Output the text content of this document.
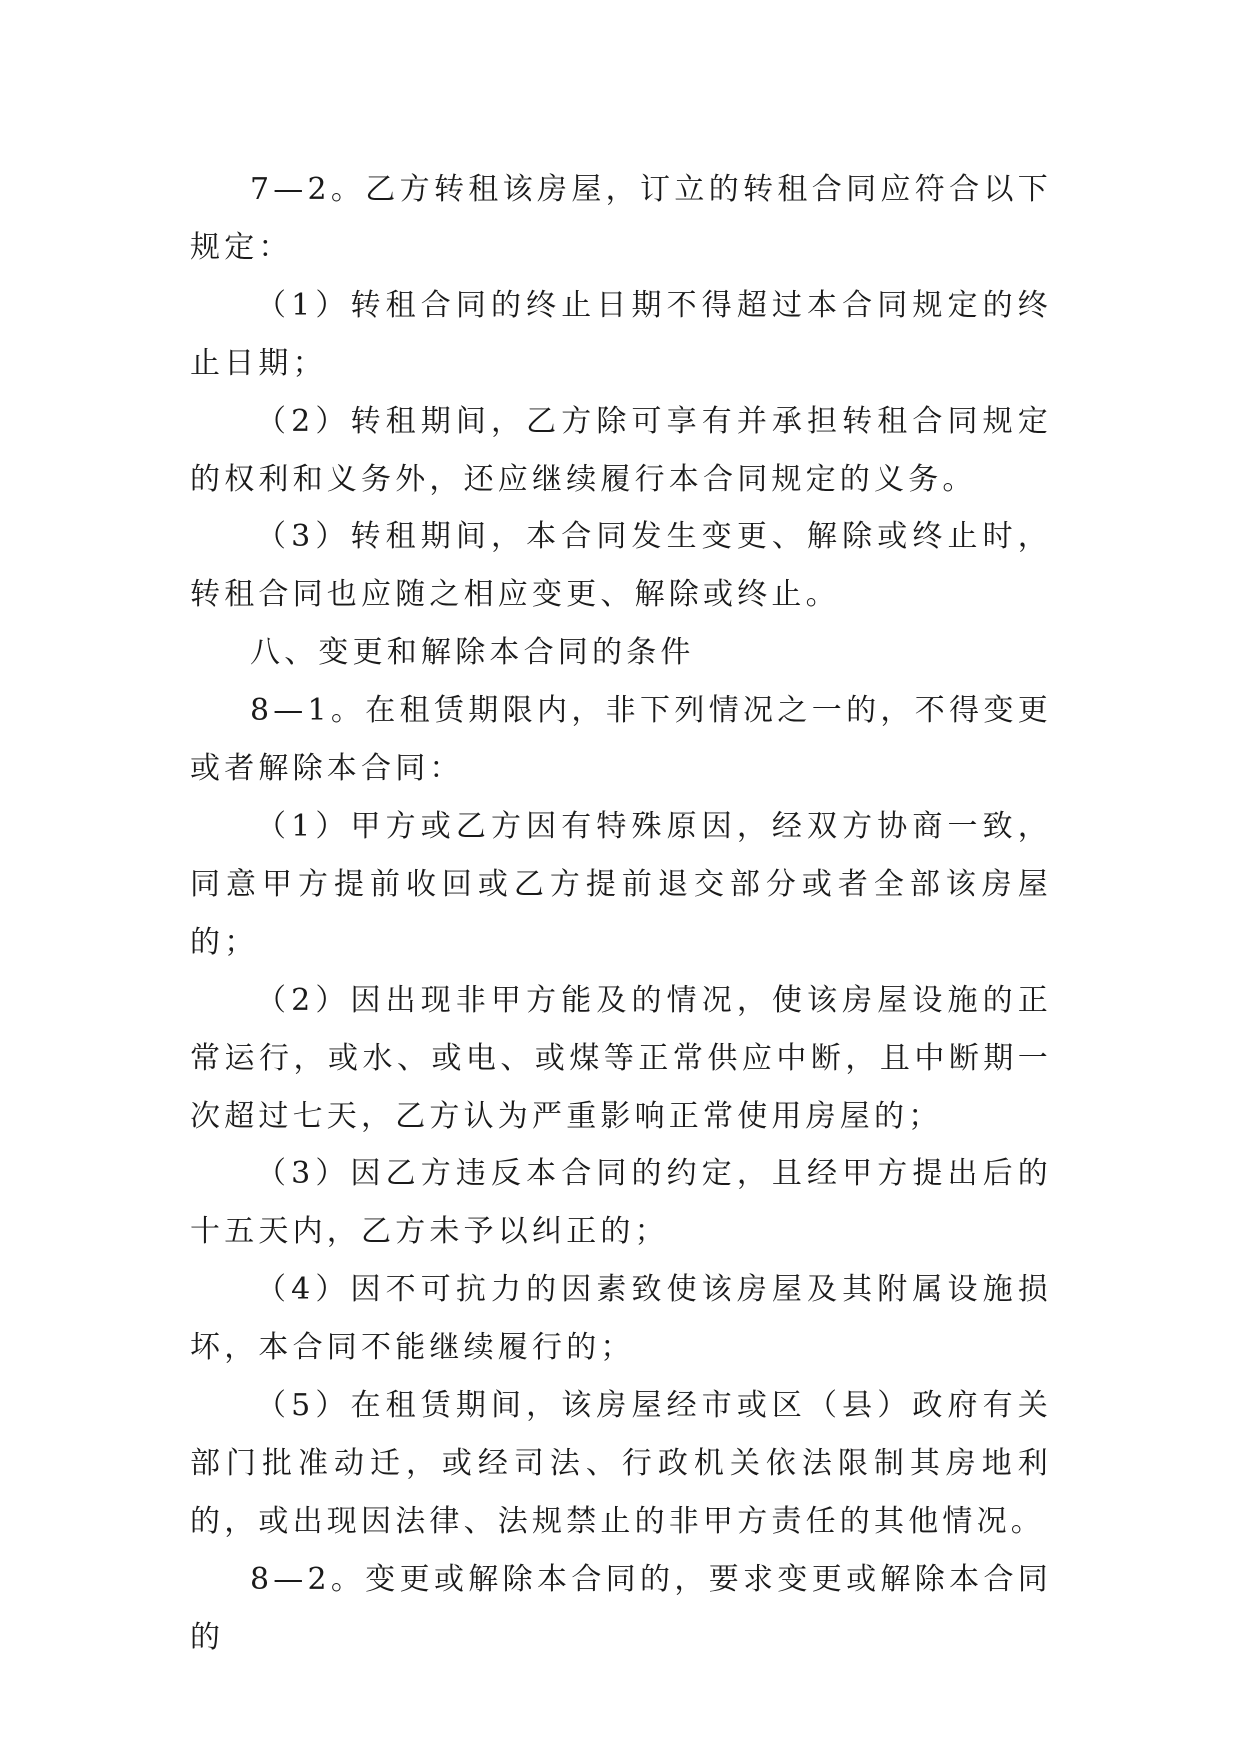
7—2。乙方转租该房屋，订立的转租合同应符合以下规定：

（1）转租合同的终止日期不得超过本合同规定的终止日期；

（2）转租期间，乙方除可享有并承担转租合同规定的权利和义务外，还应继续履行本合同规定的义务。

（3）转租期间，本合同发生变更、解除或终止时，转租合同也应随之相应变更、解除或终止。

八、变更和解除本合同的条件

8—1。在租赁期限内，非下列情况之一的，不得变更或者解除本合同：

（1）甲方或乙方因有特殊原因，经双方协商一致，同意甲方提前收回或乙方提前退交部分或者全部该房屋的；

（2）因出现非甲方能及的情况，使该房屋设施的正常运行，或水、或电、或煤等正常供应中断，且中断期一次超过七天，乙方认为严重影响正常使用房屋的；

（3）因乙方违反本合同的约定，且经甲方提出后的十五天内，乙方未予以纠正的；

（4）因不可抗力的因素致使该房屋及其附属设施损坏，本合同不能继续履行的；

（5）在租赁期间，该房屋经市或区（县）政府有关部门批准动迁，或经司法、行政机关依法限制其房地利的，或出现因法律、法规禁止的非甲方责任的其他情况。

8—2。变更或解除本合同的，要求变更或解除本合同的
